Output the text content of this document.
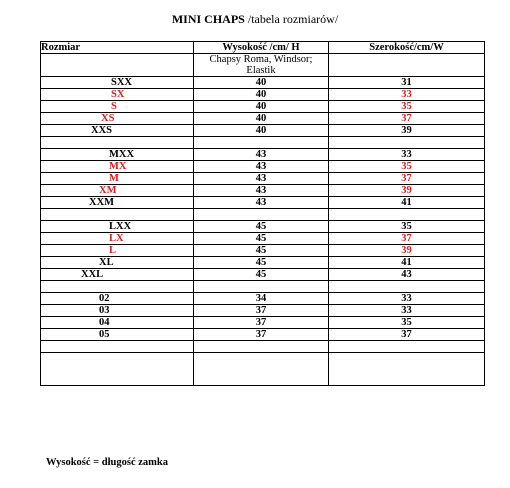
MINI CHAPS /tabela rozmiarów/
Rozmiar	Wysokość /cm/ H	Szerokość/cm/W
	Chapsy Roma, Windsor;
Elastik	
SXX	40	31
SX	40	33
S	40	35
XS	40	37
XXS	40	39

MXX	43	33
MX	43	35
M	43	37
XM	43	39
XXM	43	41

LXX	45	35
LX	45	37
L	45	39
XL	45	41
XXL	45	43

02	34	33
03	37	33
04	37	35
05	37	37

Wysokość = długość zamka
